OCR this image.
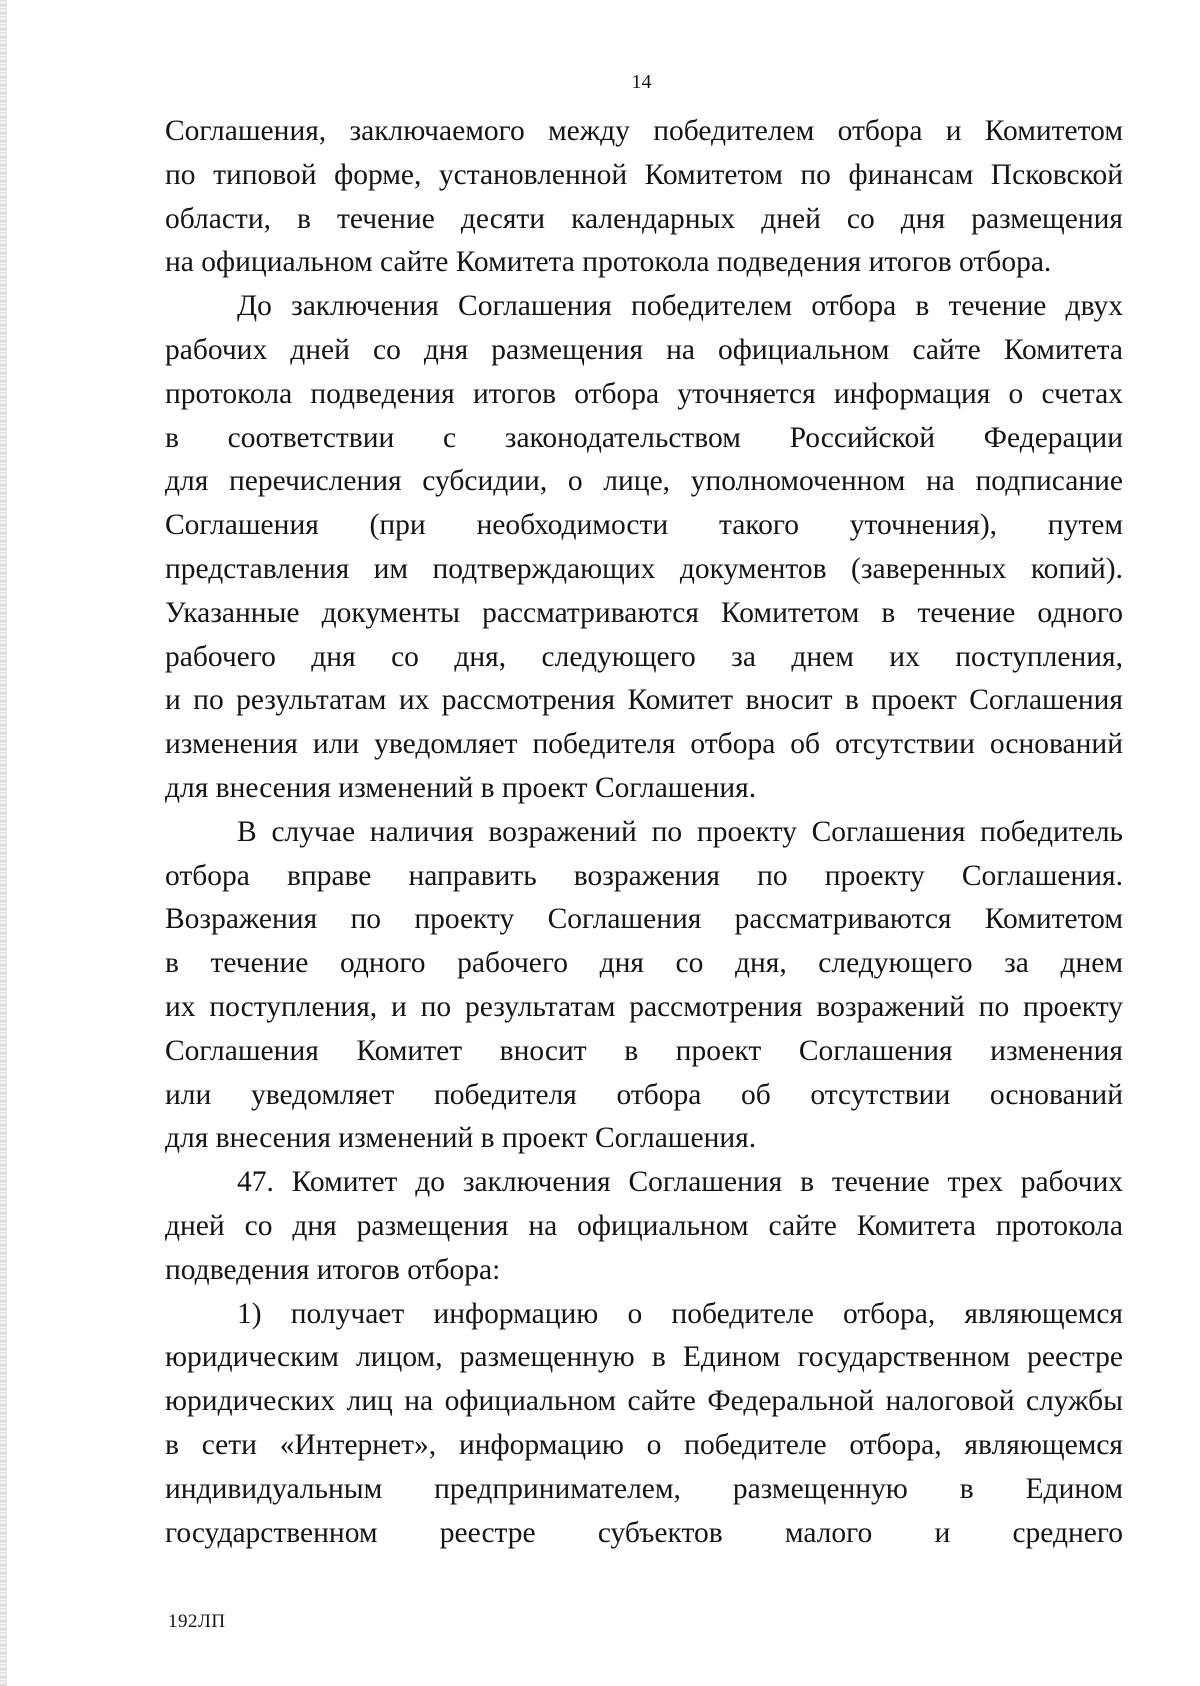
14

Соглашения, заключаемого между победителем отбора и Комитетом
по типовой форме, установленной Комитетом по финансам Псковской
области, в течение десяти календарных дней со дня размещения
на официальном сайте Комитета протокола подведения итогов отбора.

До заключения Соглашения победителем отбора в течение двух
рабочих дней со дня размещения на официальном сайте Комитета
протокола подведения итогов отбора уточняется информация о счетах
в соответствии с законодательством Российской Федерации
для перечисления субсидии, о лице, уполномоченном на подписание
Соглашения (при необходимости такого уточнения), путем
представления им подтверждающих документов (заверенных копий).
Указанные документы рассматриваются Комитетом в течение одного
рабочего дня со дня, следующего за днем их поступления,
и по результатам их рассмотрения Комитет вносит в проект Соглашения
изменения или уведомляет победителя отбора об отсутствии оснований
для внесения изменений в проект Соглашения.

В случае наличия возражений по проекту Соглашения победитель
отбора вправе направить возражения по проекту Соглашения.
Возражения по проекту Соглашения рассматриваются Комитетом
в течение одного рабочего дня со дня, следующего за днем
их поступления, и по результатам рассмотрения возражений по проекту
Соглашения Комитет вносит в проект Соглашения изменения
или уведомляет победителя отбора об отсутствии оснований
для внесения изменений в проект Соглашения.

47. Комитет до заключения Соглашения в течение трех рабочих
дней со дня размещения на официальном сайте Комитета протокола
подведения итогов отбора:

1) получает информацию о победителе отбора, являющемся
юридическим лицом, размещенную в Едином государственном реестре
юридических лиц на официальном сайте Федеральной налоговой службы
в сети «Интернет», информацию о победителе отбора, являющемся
индивидуальным предпринимателем, размещенную в Едином
государственном реестре субъектов малого и среднего

192ЛП
